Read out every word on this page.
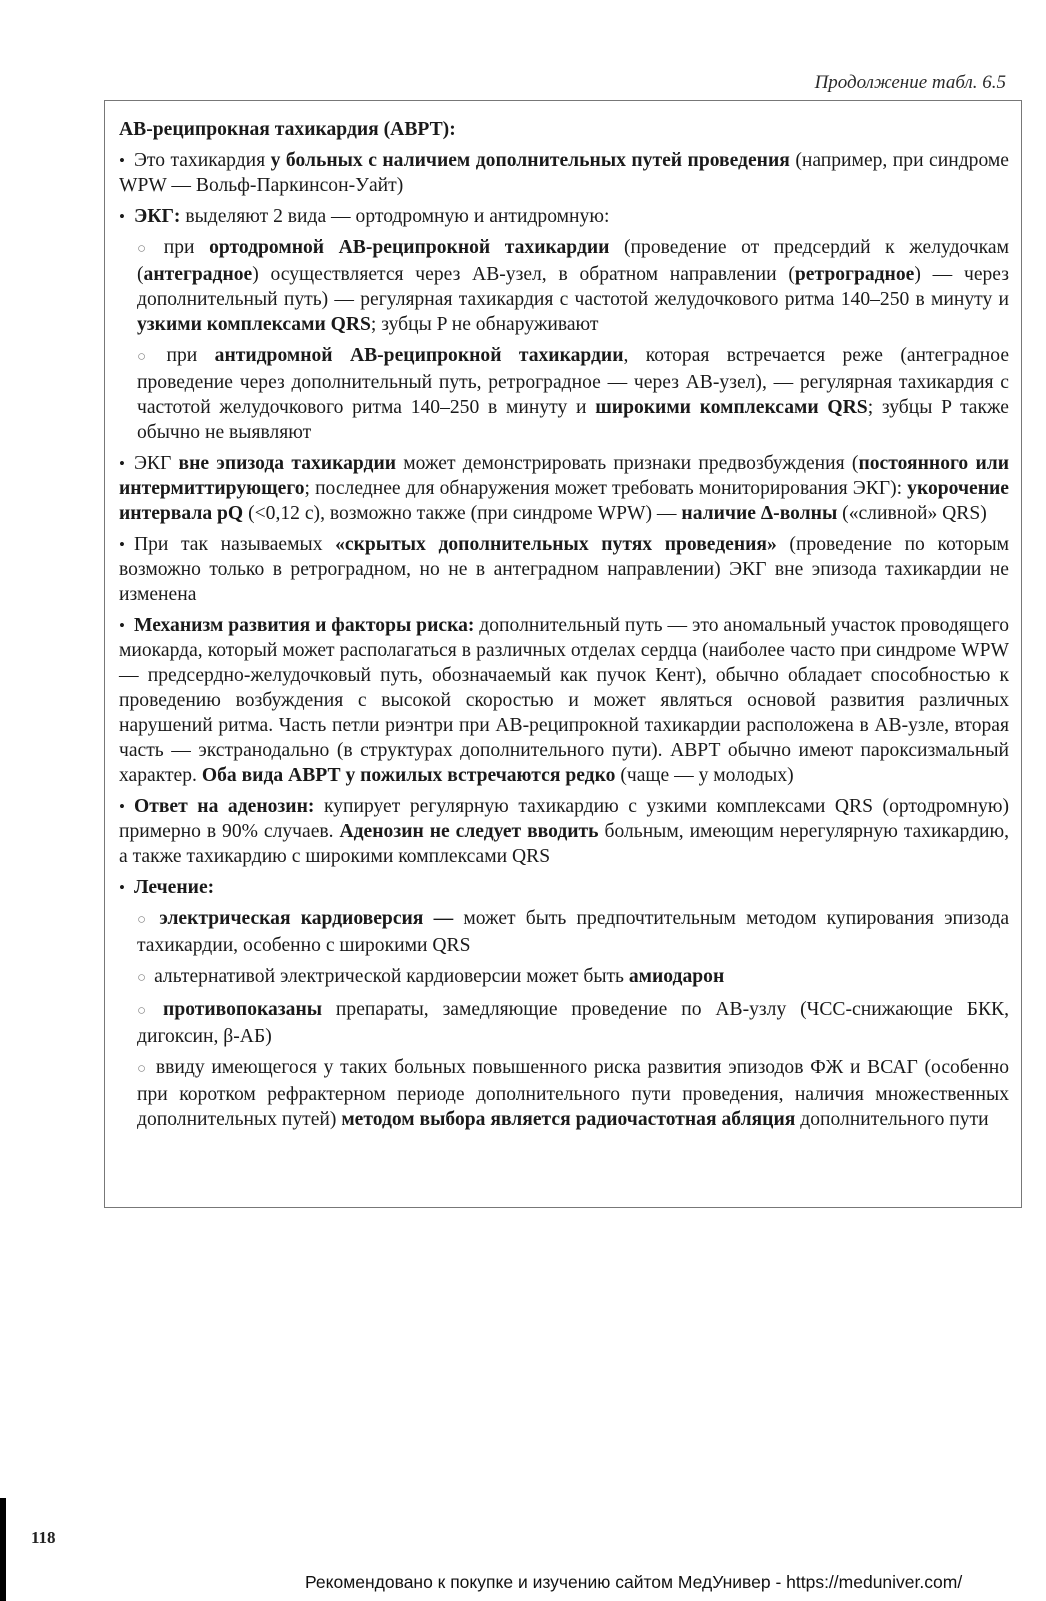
Продолжение табл. 6.5
АВ-реципрокная тахикардия (АВРТ):
• Это тахикардия у больных с наличием дополнительных путей проведения (например, при синдроме WPW — Вольф-Паркинсон-Уайт)
• ЭКГ: выделяют 2 вида — ортодромную и антидромную:
○ при ортодромной АВ-реципрокной тахикардии (проведение от предсердий к желудочкам (антеградное) осуществляется через АВ-узел, в обратном направлении (ретроградное) — через дополнительный путь) — регулярная тахикардия с частотой желудочкового ритма 140–250 в минуту и узкими комплексами QRS; зубцы P не обнаруживают
○ при антидромной АВ-реципрокной тахикардии, которая встречается реже (антеградное проведение через дополнительный путь, ретроградное — через АВ-узел), — регулярная тахикардия с частотой желудочкового ритма 140–250 в минуту и широкими комплексами QRS; зубцы P также обычно не выявляют
• ЭКГ вне эпизода тахикардии может демонстрировать признаки предвозбуждения (постоянного или интермиттирующего; последнее для обнаружения может требовать мониторирования ЭКГ): укорочение интервала pQ (<0,12 с), возможно также (при синдроме WPW) — наличие Δ-волны («сливной» QRS)
• При так называемых «скрытых дополнительных путях проведения» (проведение по которым возможно только в ретроградном, но не в антеградном направлении) ЭКГ вне эпизода тахикардии не изменена
• Механизм развития и факторы риска: дополнительный путь — это аномальный участок проводящего миокарда, который может располагаться в различных отделах сердца (наиболее часто при синдроме WPW — предсердно-желудочковый путь, обозначаемый как пучок Кент), обычно обладает способностью к проведению возбуждения с высокой скоростью и может являться основой развития различных нарушений ритма. Часть петли риэнтри при АВ-реципрокной тахикардии расположена в АВ-узле, вторая часть — экстранодально (в структурах дополнительного пути). АВРТ обычно имеют пароксизмальный характер. Оба вида АВРТ у пожилых встречаются редко (чаще — у молодых)
• Ответ на аденозин: купирует регулярную тахикардию с узкими комплексами QRS (ортодромную) примерно в 90% случаев. Аденозин не следует вводить больным, имеющим нерегулярную тахикардию, а также тахикардию с широкими комплексами QRS
• Лечение:
○ электрическая кардиоверсия — может быть предпочтительным методом купирования эпизода тахикардии, особенно с широкими QRS
○ альтернативой электрической кардиоверсии может быть амиодарон
○ противопоказаны препараты, замедляющие проведение по АВ-узлу (ЧСС-снижающие БКК, дигоксин, β-АБ)
○ ввиду имеющегося у таких больных повышенного риска развития эпизодов ФЖ и ВСАГ (особенно при коротком рефрактерном периоде дополнительного пути проведения, наличия множественных дополнительных путей) методом выбора является радиочастотная абляция дополнительного пути
118
Рекомендовано к покупке и изучению сайтом МедУнивер - https://meduniver.com/
